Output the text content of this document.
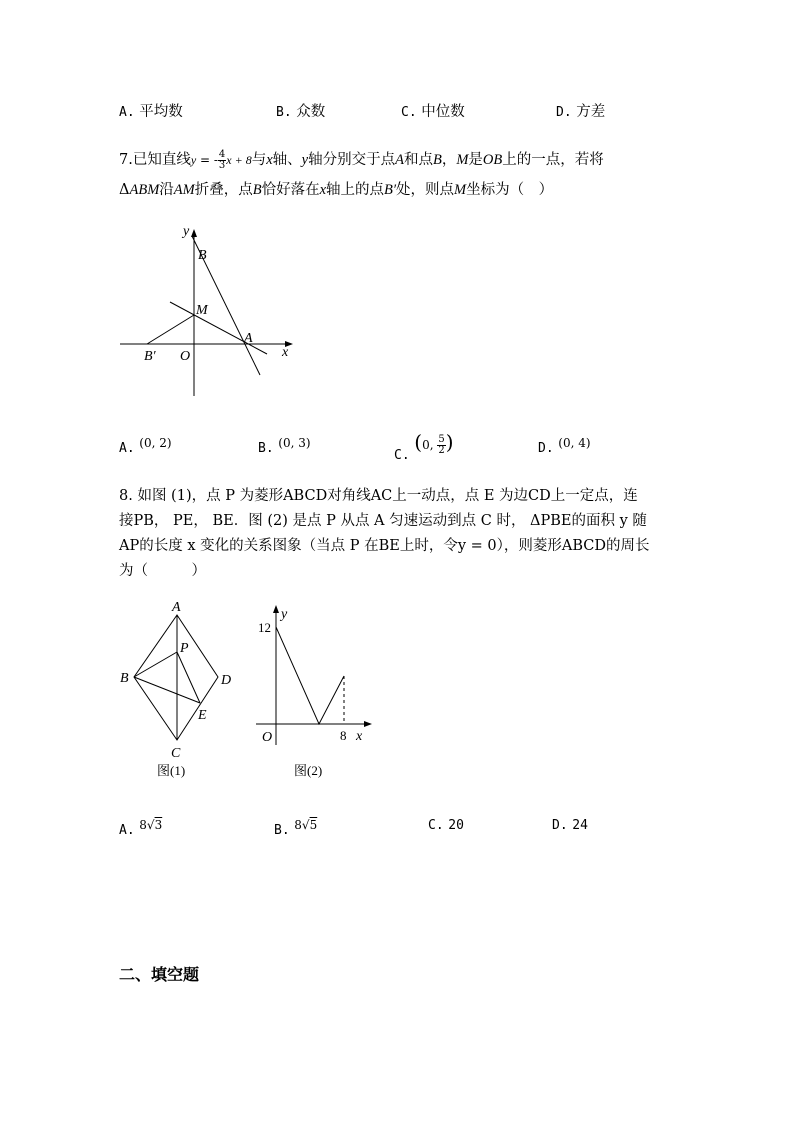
A. 平均数	B. 众数	C. 中位数	D. 方差
7.已知直线y = - $\frac{4}{3}$ x + 8与x轴、y轴分别交于点A和点B，M是OB上的一点，若将
ΔABM沿AM折叠，点B恰好落在x轴上的点B′处，则点M坐标为（　）
B
y
M
A
B′ O	x
A. $^{(0, 2)}$	B. $^{(0, 3)}$
C. (0, $\frac{5}{2}$ )	D. $^{(0, 4)}$
8. 如图 (1)，点 P 为菱形ABCD对角线AC上一动点，点 E 为边CD上一定点，连
接PB， PE， BE．图 (2) 是点 P 从点 A 匀速运动到点 C 时， ΔPBE的面积 y 随
AP的长度 x 变化的关系图象（当点 P 在BE上时，令y = 0），则菱形ABCD的周长
为（　　　）
A
B
C
D
P
E
图(1)
y
12
O	8 x
图(2)
A. 8√3	B. 8√5	C. 20	D. 24
二、填空题
